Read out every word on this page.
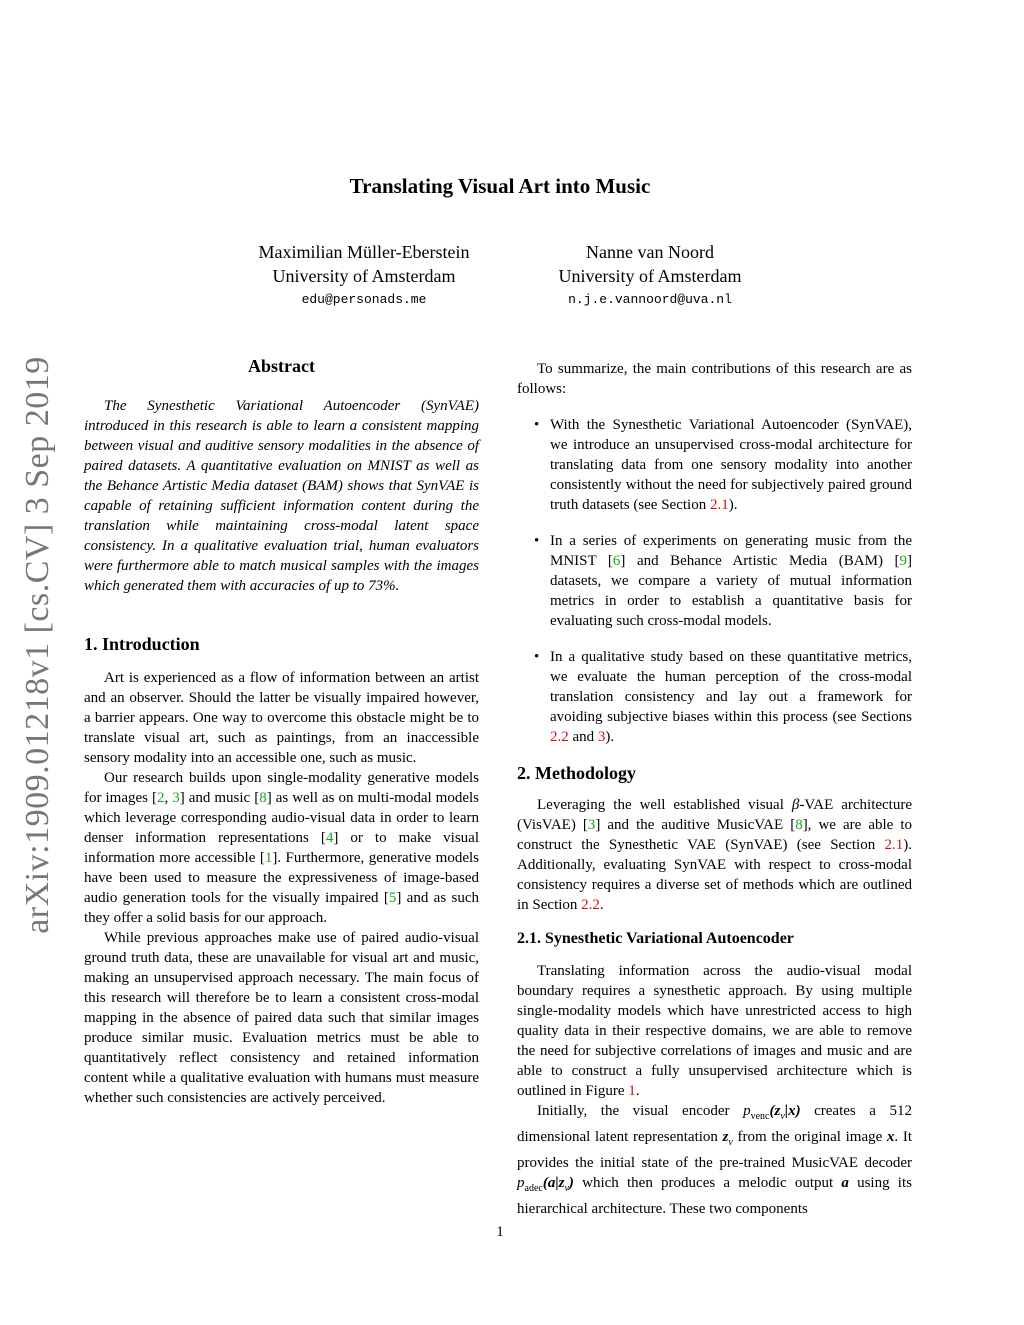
Translating Visual Art into Music
Maximilian Müller-Eberstein
University of Amsterdam
edu@personads.me
Nanne van Noord
University of Amsterdam
n.j.e.vannoord@uva.nl
arXiv:1909.01218v1 [cs.CV] 3 Sep 2019	Abstract

The Synesthetic Variational Autoencoder (SynVAE) introduced in this research is able to learn a consistent mapping between visual and auditive sensory modalities in the absence of paired datasets. A quantitative evaluation on MNIST as well as the Behance Artistic Media dataset (BAM) shows that SynVAE is capable of retaining sufficient information content during the translation while maintaining cross-modal latent space consistency. In a qualitative evaluation trial, human evaluators were furthermore able to match musical samples with the images which generated them with accuracies of up to 73%.

1. Introduction

Art is experienced as a flow of information between an artist and an observer. Should the latter be visually impaired however, a barrier appears. One way to overcome this obstacle might be to translate visual art, such as paintings, from an inaccessible sensory modality into an accessible one, such as music.

Our research builds upon single-modality generative models for images [2, 3] and music [8] as well as on multi-modal models which leverage corresponding audio-visual data in order to learn denser information representations [4] or to make visual information more accessible [1]. Furthermore, generative models have been used to measure the expressiveness of image-based audio generation tools for the visually impaired [5] and as such they offer a solid basis for our approach.

While previous approaches make use of paired audio-visual ground truth data, these are unavailable for visual art and music, making an unsupervised approach necessary. The main focus of this research will therefore be to learn a consistent cross-modal mapping in the absence of paired data such that similar images produce similar music. Evaluation metrics must be able to quantitatively reflect consistency and retained information content while a qualitative evaluation with humans must measure whether such consistencies are actively perceived.

To summarize, the main contributions of this research are as follows:

• With the Synesthetic Variational Autoencoder (SynVAE), we introduce an unsupervised cross-modal architecture for translating data from one sensory modality into another consistently without the need for subjectively paired ground truth datasets (see Section 2.1).
• In a series of experiments on generating music from the MNIST [6] and Behance Artistic Media (BAM) [9] datasets, we compare a variety of mutual information metrics in order to establish a quantitative basis for evaluating such cross-modal models.
• In a qualitative study based on these quantitative metrics, we evaluate the human perception of the cross-modal translation consistency and lay out a framework for avoiding subjective biases within this process (see Sections 2.2 and 3).
2. Methodology

Leveraging the well established visual β-VAE architecture (VisVAE) [3] and the auditive MusicVAE [8], we are able to construct the Synesthetic VAE (SynVAE) (see Section 2.1). Additionally, evaluating SynVAE with respect to cross-modal consistency requires a diverse set of methods which are outlined in Section 2.2.

2.1. Synesthetic Variational Autoencoder

Translating information across the audio-visual modal boundary requires a synesthetic approach. By using multiple single-modality models which have unrestricted access to high quality data in their respective domains, we are able to remove the need for subjective correlations of images and music and are able to construct a fully unsupervised architecture which is outlined in Figure 1.

Initially, the visual encoder $p_{venc}(z_v|x)$ creates a 512 dimensional latent representation $z_v$ from the original image x. It provides the initial state of the pre-trained MusicVAE decoder $p_{adec}(a|z_v)$ which then produces a melodic output a using its hierarchical architecture. These two components

1
